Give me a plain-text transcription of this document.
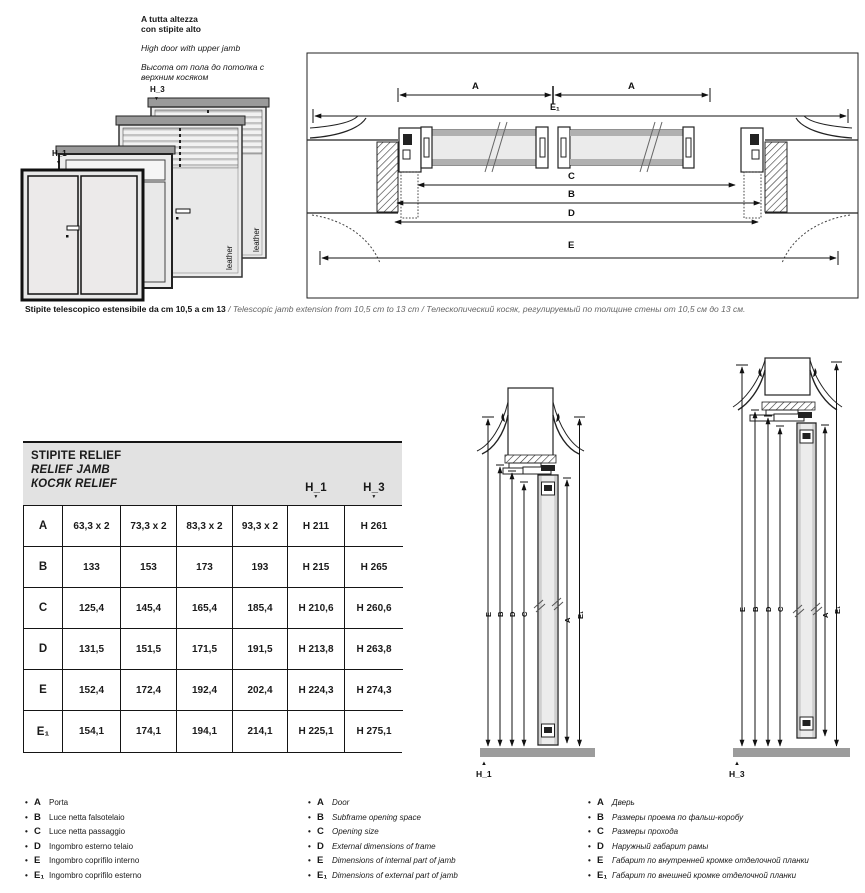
A tutta altezza
con stipite alto
High door with upper jamb
Высота от пола до потолка с
верхним косяком
leather
leather
H_3
▼
H_1
▼
A	A
E₁
C
B
D
E
Stipite telescopico estensibile da cm 10,5 a cm 13 / Telescopic jamb extension from 10,5 cm to 13 cm / Телескопический косяк, регулируемый по толщине стены от 10,5 см до 13 см.
STIPITE RELIEF
RELIEF JAMB
КОСЯК RELIEF	H_1
▼
H_3
▼
A	63,3 x 2	73,3 x 2	83,3 x 2	93,3 x 2	H 211	H 261
B	133	153	173	193	H 215	H 265
C	125,4	145,4	165,4	185,4	H 210,6	H 260,6
D	131,5	151,5	171,5	191,5	H 213,8	H 263,8
E	152,4	172,4	192,4	202,4	H 224,3	H 274,3
E₁	154,1	174,1	194,1	214,1	H 225,1	H 275,1
E B D C
A
E₁
▲
H_1
E B D C
A
E₁
▲
H_3
• A	Porta
• B	Luce netta falsotelaio
• C	Luce netta passaggio
• D	Ingombro esterno telaio
• E	Ingombro coprifilo interno
• E₁ Ingombro coprifilo esterno
• A	Door
• B	Subframe opening space
• C	Opening size
• D	External dimensions of frame
• E	Dimensions of internal part of jamb
• E₁ Dimensions of external part of jamb
• A	Дверь
• B	Размеры проема по фальш-коробу
• C	Размеры прохода
• D	Наружный габарит рамы
• E	Габарит по внутренней кромке отделочной планки
• E₁ Габарит по внешней кромке отделочной планки
